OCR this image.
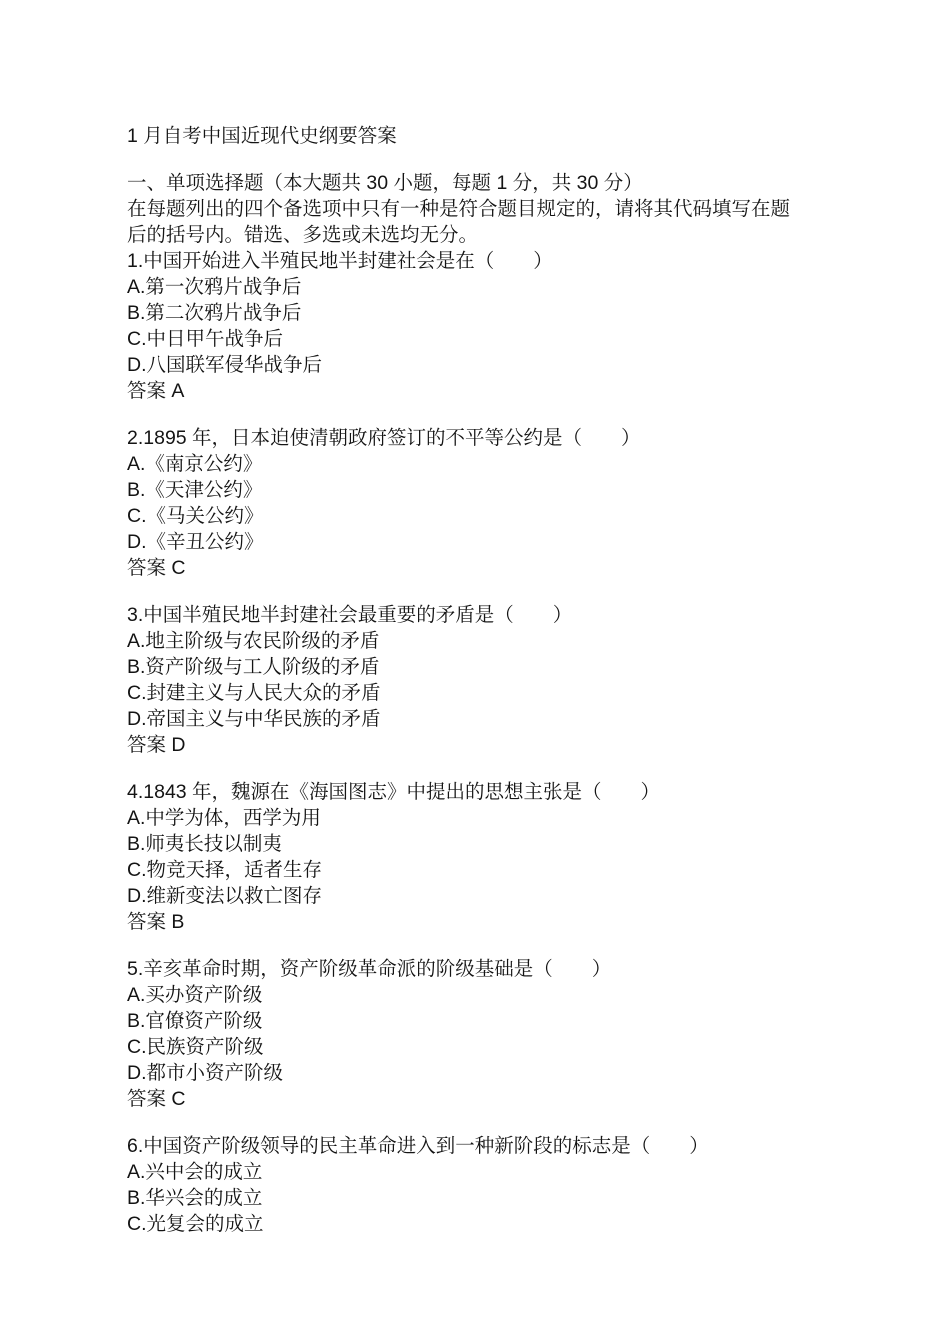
1 月自考中国近现代史纲要答案
一、单项选择题（本大题共 30 小题，每题 1 分，共 30 分）
在每题列出的四个备选项中只有一种是符合题目规定的，请将其代码填写在题
后的括号内。错选、多选或未选均无分。
1.中国开始进入半殖民地半封建社会是在（　　）
A.第一次鸦片战争后
B.第二次鸦片战争后
C.中日甲午战争后
D.八国联军侵华战争后
答案 A
2.1895 年，日本迫使清朝政府签订的不平等公约是（　　）
A.《南京公约》
B.《天津公约》
C.《马关公约》
D.《辛丑公约》
答案 C
3.中国半殖民地半封建社会最重要的矛盾是（　　）
A.地主阶级与农民阶级的矛盾
B.资产阶级与工人阶级的矛盾
C.封建主义与人民大众的矛盾
D.帝国主义与中华民族的矛盾
答案 D
4.1843 年，魏源在《海国图志》中提出的思想主张是（　　）
A.中学为体，西学为用
B.师夷长技以制夷
C.物竞天择，适者生存
D.维新变法以救亡图存
答案 B
5.辛亥革命时期，资产阶级革命派的阶级基础是（　　）
A.买办资产阶级
B.官僚资产阶级
C.民族资产阶级
D.都市小资产阶级
答案 C
6.中国资产阶级领导的民主革命进入到一种新阶段的标志是（　　）
A.兴中会的成立
B.华兴会的成立
C.光复会的成立
